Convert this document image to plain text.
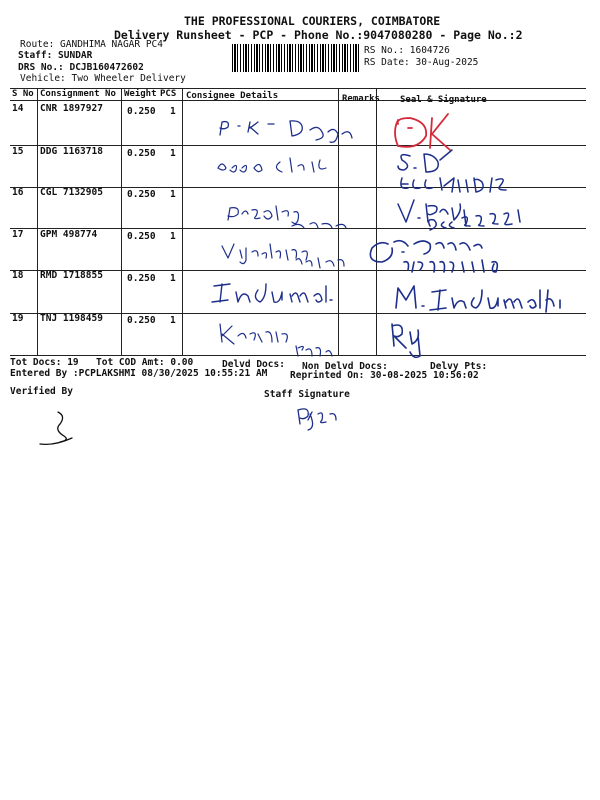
THE PROFESSIONAL COURIERS, COIMBATORE
Delivery Runsheet - PCP - Phone No.:9047080280 - Page No.:2
Route: GANDHIMA NAGAR PC4
Staff: SUNDAR
DRS No.: DCJB160472602
Vehicle: Two Wheeler Delivery
RS No.: 1604726
RS Date: 30-Aug-2025
S No Consignment No Weight PCS Consignee Details	Remarks Seal & Signature
14 CNR 1897927	0.250 1
15 DDG 1163718	0.250 1
16 CGL 7132905	0.250 1
17 GPM 498774	0.250 1
18 RMD 1718855	0.250 1
19 TNJ 1198459	0.250 1
Tot Docs: 19 Tot COD Amt: 0.00	Delvd Docs: Non Delvd Docs:	Delvy Pts:
Entered By :PCPLAKSHMI 08/30/2025 10:55:21 AM Reprinted On: 30-08-2025 10:56:02
Verified By	Staff Signature
